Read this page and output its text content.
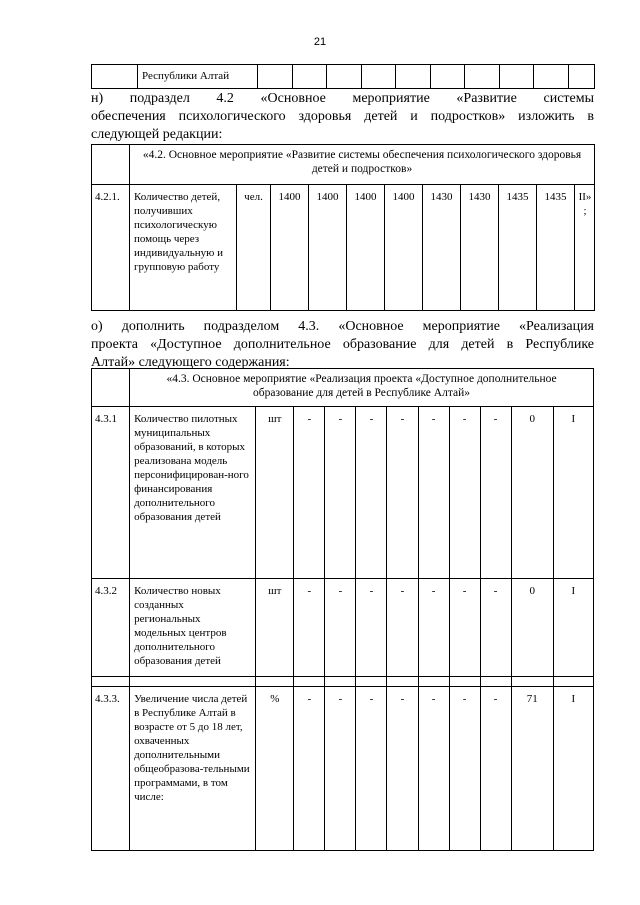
21
	Республики Алтай										
н) подраздел 4.2 «Основное мероприятие «Развитие системы
обеспечения психологического здоровья детей и подростков» изложить в
следующей редакции:
	«4.2. Основное мероприятие «Развитие системы обеспечения психологического здоровья детей и подростков»										
4.2.1.	Количество детей, получивших психологическую помощь через индивидуальную и групповую работу	чел.	1400	1400	1400	1400	1430	1430	1435	1435	II» ;
о) дополнить подразделом 4.3. «Основное мероприятие «Реализация
проекта «Доступное дополнительное образование для детей в Республике
Алтай» следующего содержания:
	«4.3. Основное мероприятие «Реализация проекта «Доступное дополнительное образование для детей в Республике Алтай»										
4.3.1	Количество пилотных муниципальных образований, в которых реализована модель персонифицирован-ного финансирования дополнительного образования детей	шт	-	-	-	-	-	-	-	0	I
4.3.2	Количество новых созданных региональных модельных центров дополнительного образования детей	шт	-	-	-	-	-	-	-	0	I

4.3.3.	Увеличение числа детей в Республике Алтай в возрасте от 5 до 18 лет, охваченных дополнительными общеобразова-тельными программами, в том числе:	%	-	-	-	-	-	-	-	71	I
